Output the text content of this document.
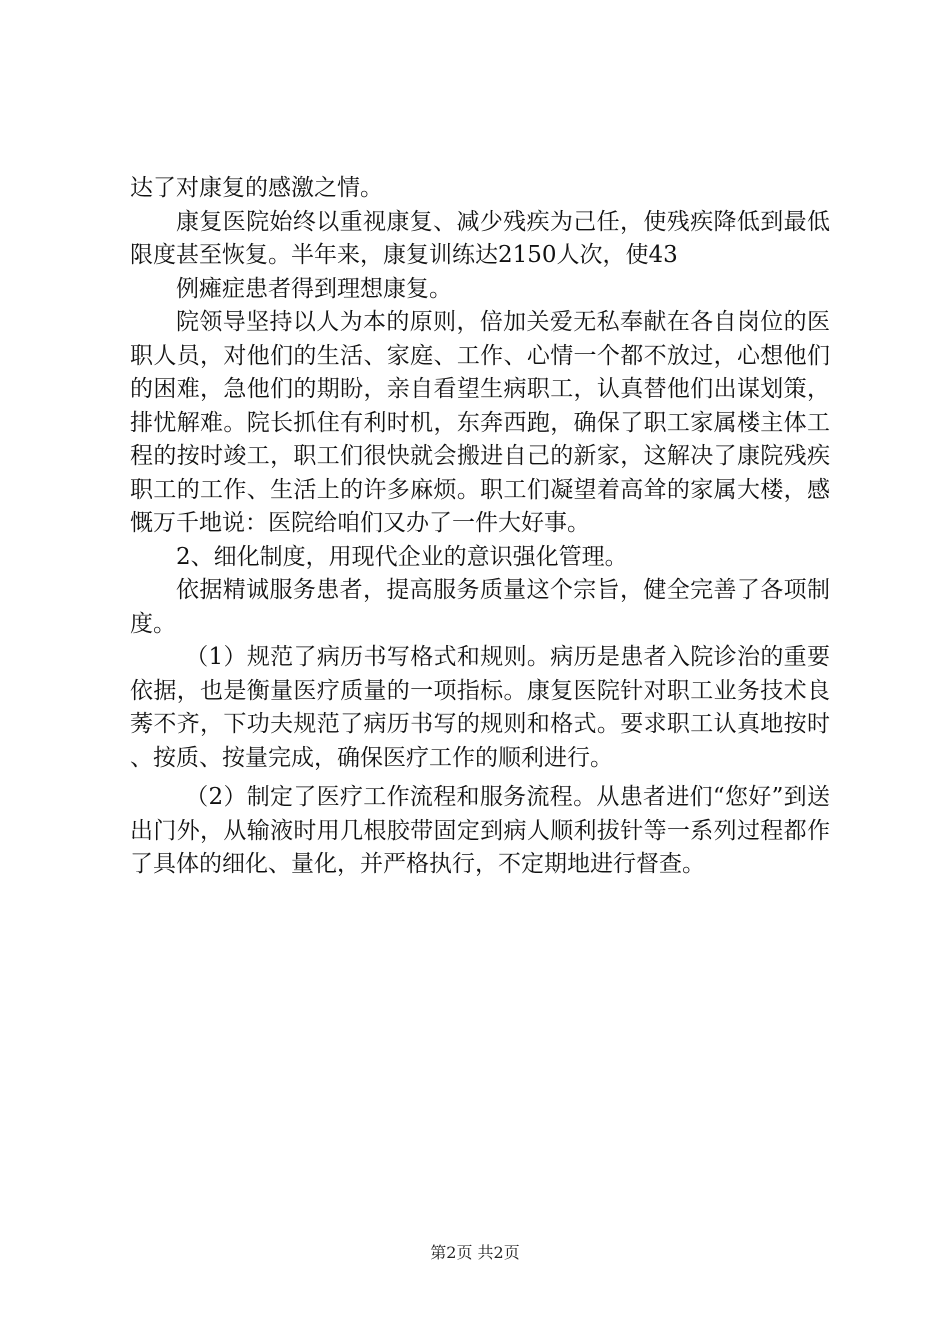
达了对康复的感激之情。

康复医院始终以重视康复、减少残疾为己任，使残疾降低到最低限度甚至恢复。半年来，康复训练达2150人次，使43

例瘫症患者得到理想康复。

院领导坚持以人为本的原则，倍加关爱无私奉献在各自岗位的医职人员，对他们的生活、家庭、工作、心情一个都不放过，心想他们的困难，急他们的期盼，亲自看望生病职工，认真替他们出谋划策，排忧解难。院长抓住有利时机，东奔西跑，确保了职工家属楼主体工程的按时竣工，职工们很快就会搬进自己的新家，这解决了康院残疾职工的工作、生活上的许多麻烦。职工们凝望着高耸的家属大楼，感慨万千地说：医院给咱们又办了一件大好事。

2、细化制度，用现代企业的意识强化管理。

依据精诚服务患者，提高服务质量这个宗旨，健全完善了各项制度。

（1）规范了病历书写格式和规则。病历是患者入院诊治的重要依据，也是衡量医疗质量的一项指标。康复医院针对职工业务技术良莠不齐，下功夫规范了病历书写的规则和格式。要求职工认真地按时、按质、按量完成，确保医疗工作的顺利进行。

（2）制定了医疗工作流程和服务流程。从患者进们“您好”到送出门外，从输液时用几根胶带固定到病人顺利拔针等一系列过程都作了具体的细化、量化，并严格执行，不定期地进行督查。

第2页 共2页
